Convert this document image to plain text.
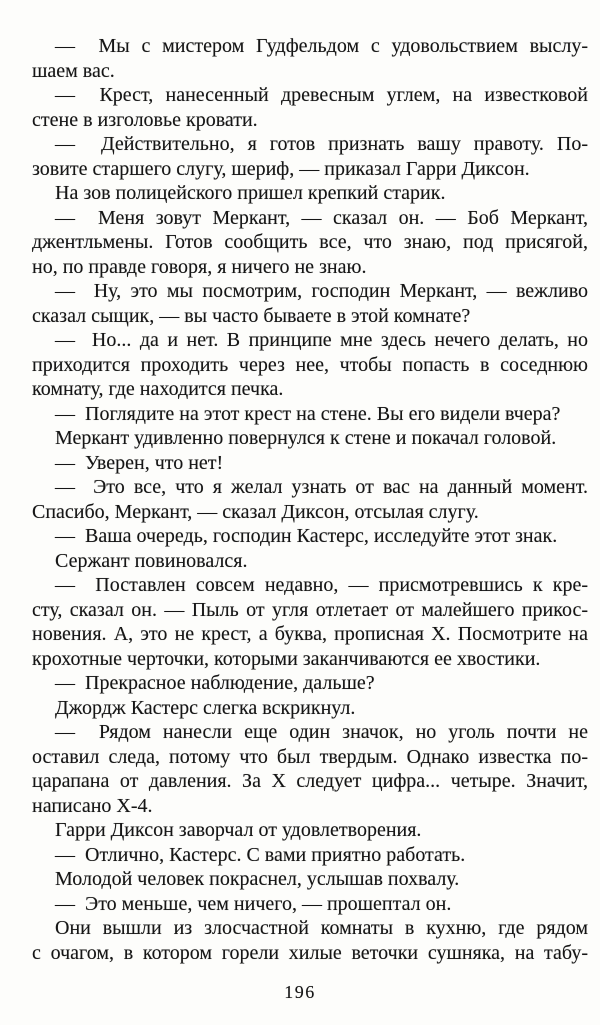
—  Мы с мистером Гудфельдом с удовольствием выслу-
шаем вас.
—  Крест, нанесенный древесным углем, на известковой
стене в изголовье кровати.
—  Действительно, я готов признать вашу правоту. По-
зовите старшего слугу, шериф, — приказал Гарри Диксон.
На зов полицейского пришел крепкий старик.
—  Меня зовут Меркант, — сказал он. — Боб Меркант,
джентльмены. Готов сообщить все, что знаю, под присягой,
но, по правде говоря, я ничего не знаю.
—  Ну, это мы посмотрим, господин Меркант, — вежливо
сказал сыщик, — вы часто бываете в этой комнате?
—  Но... да и нет. В принципе мне здесь нечего делать, но
приходится проходить через нее, чтобы попасть в соседнюю
комнату, где находится печка.
—  Поглядите на этот крест на стене. Вы его видели вчера?
Меркант удивленно повернулся к стене и покачал головой.
—  Уверен, что нет!
—  Это все, что я желал узнать от вас на данный момент.
Спасибо, Меркант, — сказал Диксон, отсылая слугу.
—  Ваша очередь, господин Кастерс, исследуйте этот знак.
Сержант повиновался.
—  Поставлен совсем недавно, — присмотревшись к кре-
сту, сказал он. — Пыль от угля отлетает от малейшего прикос-
новения. А, это не крест, а буква, прописная X. Посмотрите на
крохотные черточки, которыми заканчиваются ее хвостики.
—  Прекрасное наблюдение, дальше?
Джордж Кастерс слегка вскрикнул.
—  Рядом нанесли еще один значок, но уголь почти не
оставил следа, потому что был твердым. Однако известка по-
царапана от давления. За X следует цифра... четыре. Значит,
написано X-4.
Гарри Диксон заворчал от удовлетворения.
—  Отлично, Кастерс. С вами приятно работать.
Молодой человек покраснел, услышав похвалу.
—  Это меньше, чем ничего, — прошептал он.
Они вышли из злосчастной комнаты в кухню, где рядом
с очагом, в котором горели хилые веточки сушняка, на табу-
196
